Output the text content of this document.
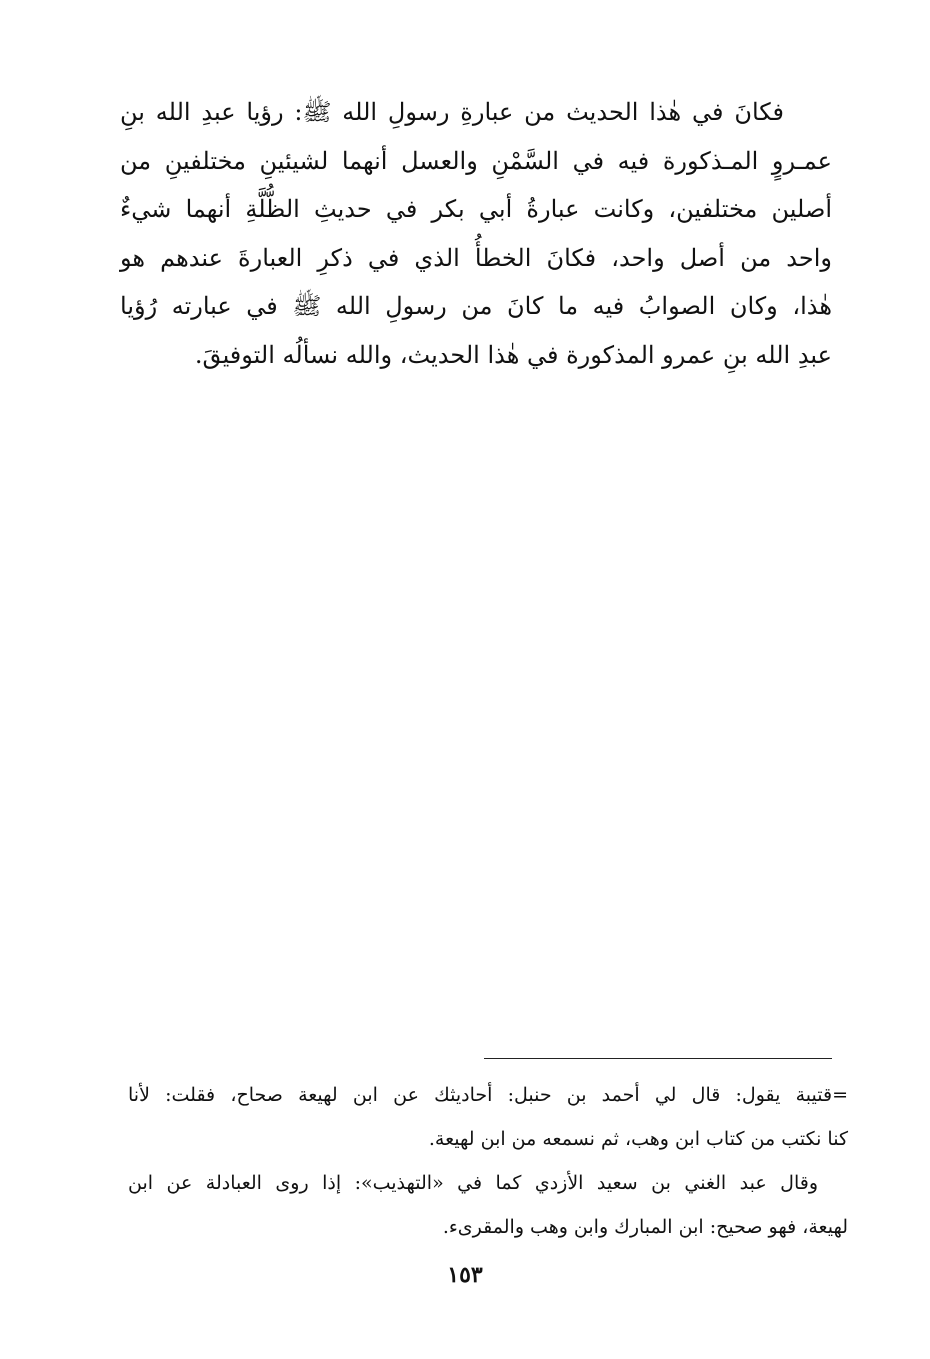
فكانَ في هٰذا الحديث من عبارةِ رسولِ الله ﷺ: رؤيا عبدِ الله بنِ
عمـروٍ المـذكورة فيه في السَّمْنِ والعسل أنهما لشيئينِ مختلفينِ من
أصلين مختلفين، وكانت عبارةُ أبي بكر في حديثِ الظُّلَّةِ أنهما شيءٌ
واحد من أصل واحد، فكانَ الخطأُ الذي في ذكرِ العبارةَ عندهم هو
هٰذا، وكان الصوابُ فيه ما كانَ من رسولِ الله ﷺ في عبارته رُؤيا
عبدِ الله بنِ عمرو المذكورة في هٰذا الحديث، والله نسألُه التوفيقَ.
=قتيبة يقول: قال لي أحمد بن حنبل: أحاديثك عن ابن لهيعة صحاح، فقلت: لأنا
كنا نكتب من كتاب ابن وهب، ثم نسمعه من ابن لهيعة.
وقال عبد الغني بن سعيد الأزدي كما في «التهذيب»: إذا روى العبادلة عن ابن
لهيعة، فهو صحيح: ابن المبارك وابن وهب والمقرىء.
١٥٣
